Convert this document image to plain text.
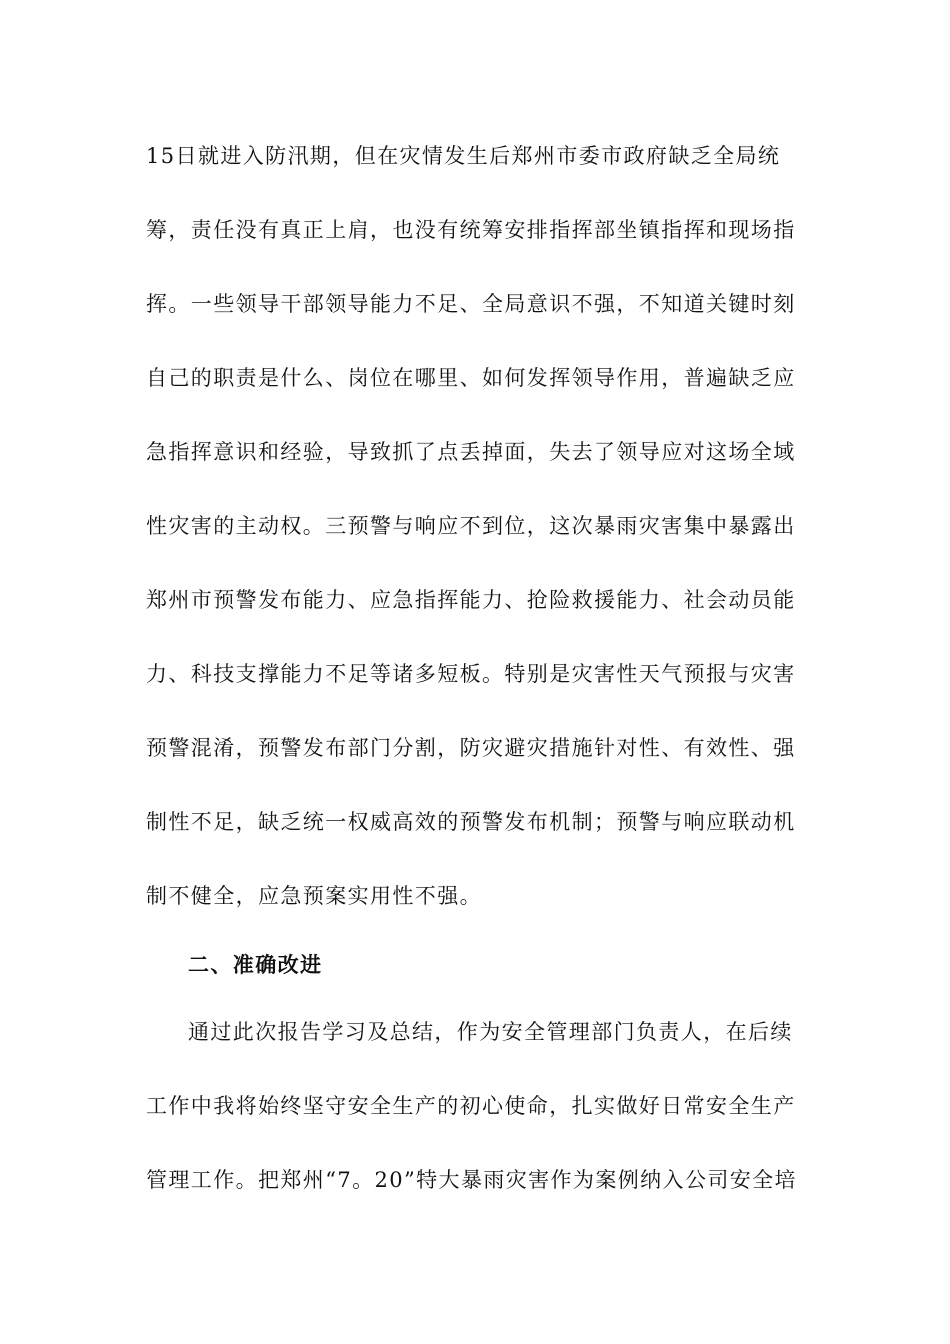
15日就进入防汛期，但在灾情发生后郑州市委市政府缺乏全局统
筹，责任没有真正上肩，也没有统筹安排指挥部坐镇指挥和现场指
挥。一些领导干部领导能力不足、全局意识不强，不知道关键时刻
自己的职责是什么、岗位在哪里、如何发挥领导作用，普遍缺乏应
急指挥意识和经验，导致抓了点丢掉面，失去了领导应对这场全域
性灾害的主动权。三预警与响应不到位，这次暴雨灾害集中暴露出
郑州市预警发布能力、应急指挥能力、抢险救援能力、社会动员能
力、科技支撑能力不足等诸多短板。特别是灾害性天气预报与灾害
预警混淆，预警发布部门分割，防灾避灾措施针对性、有效性、强
制性不足，缺乏统一权威高效的预警发布机制；预警与响应联动机
制不健全，应急预案实用性不强。
二、准确改进
通过此次报告学习及总结，作为安全管理部门负责人，在后续
工作中我将始终坚守安全生产的初心使命，扎实做好日常安全生产
管理工作。把郑州“7。20”特大暴雨灾害作为案例纳入公司安全培
